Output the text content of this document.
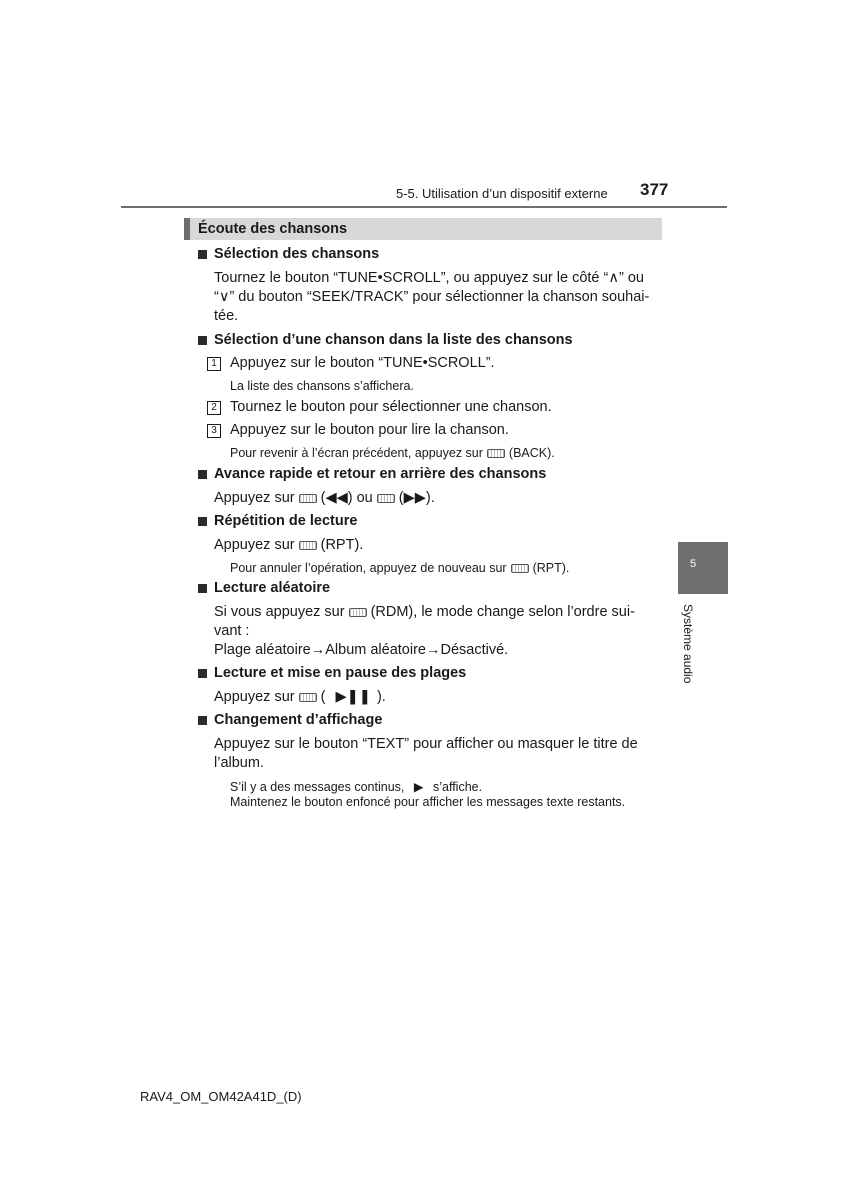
5-5. Utilisation d’un dispositif externe 377
Écoute des chansons
Sélection des chansons
Tournez le bouton “TUNE•SCROLL”, ou appuyez sur le côté “∧” ou
“∨” du bouton “SEEK/TRACK” pour sélectionner la chanson souhai-
tée.
Sélection d’une chanson dans la liste des chansons
1 Appuyez sur le bouton “TUNE•SCROLL”.
La liste des chansons s’affichera.
2 Tournez le bouton pour sélectionner une chanson.
3 Appuyez sur le bouton pour lire la chanson.
Pour revenir à l’écran précédent, appuyez sur (BACK).
Avance rapide et retour en arrière des chansons
Appuyez sur (◀◀) ou (▶▶).
Répétition de lecture
Appuyez sur (RPT).
Pour annuler l’opération, appuyez de nouveau sur (RPT).
Lecture aléatoire
Si vous appuyez sur (RDM), le mode change selon l’ordre sui-
vant :
Plage aléatoire→Album aléatoire→Désactivé.
Lecture et mise en pause des plages
Appuyez sur ( ▶❚❚ ).
Changement d’affichage
Appuyez sur le bouton “TEXT” pour afficher ou masquer le titre de
l’album.
S’il y a des messages continus, ▶ s’affiche.
Maintenez le bouton enfoncé pour afficher les messages texte restants.
5
Système audio
RAV4_OM_OM42A41D_(D)
